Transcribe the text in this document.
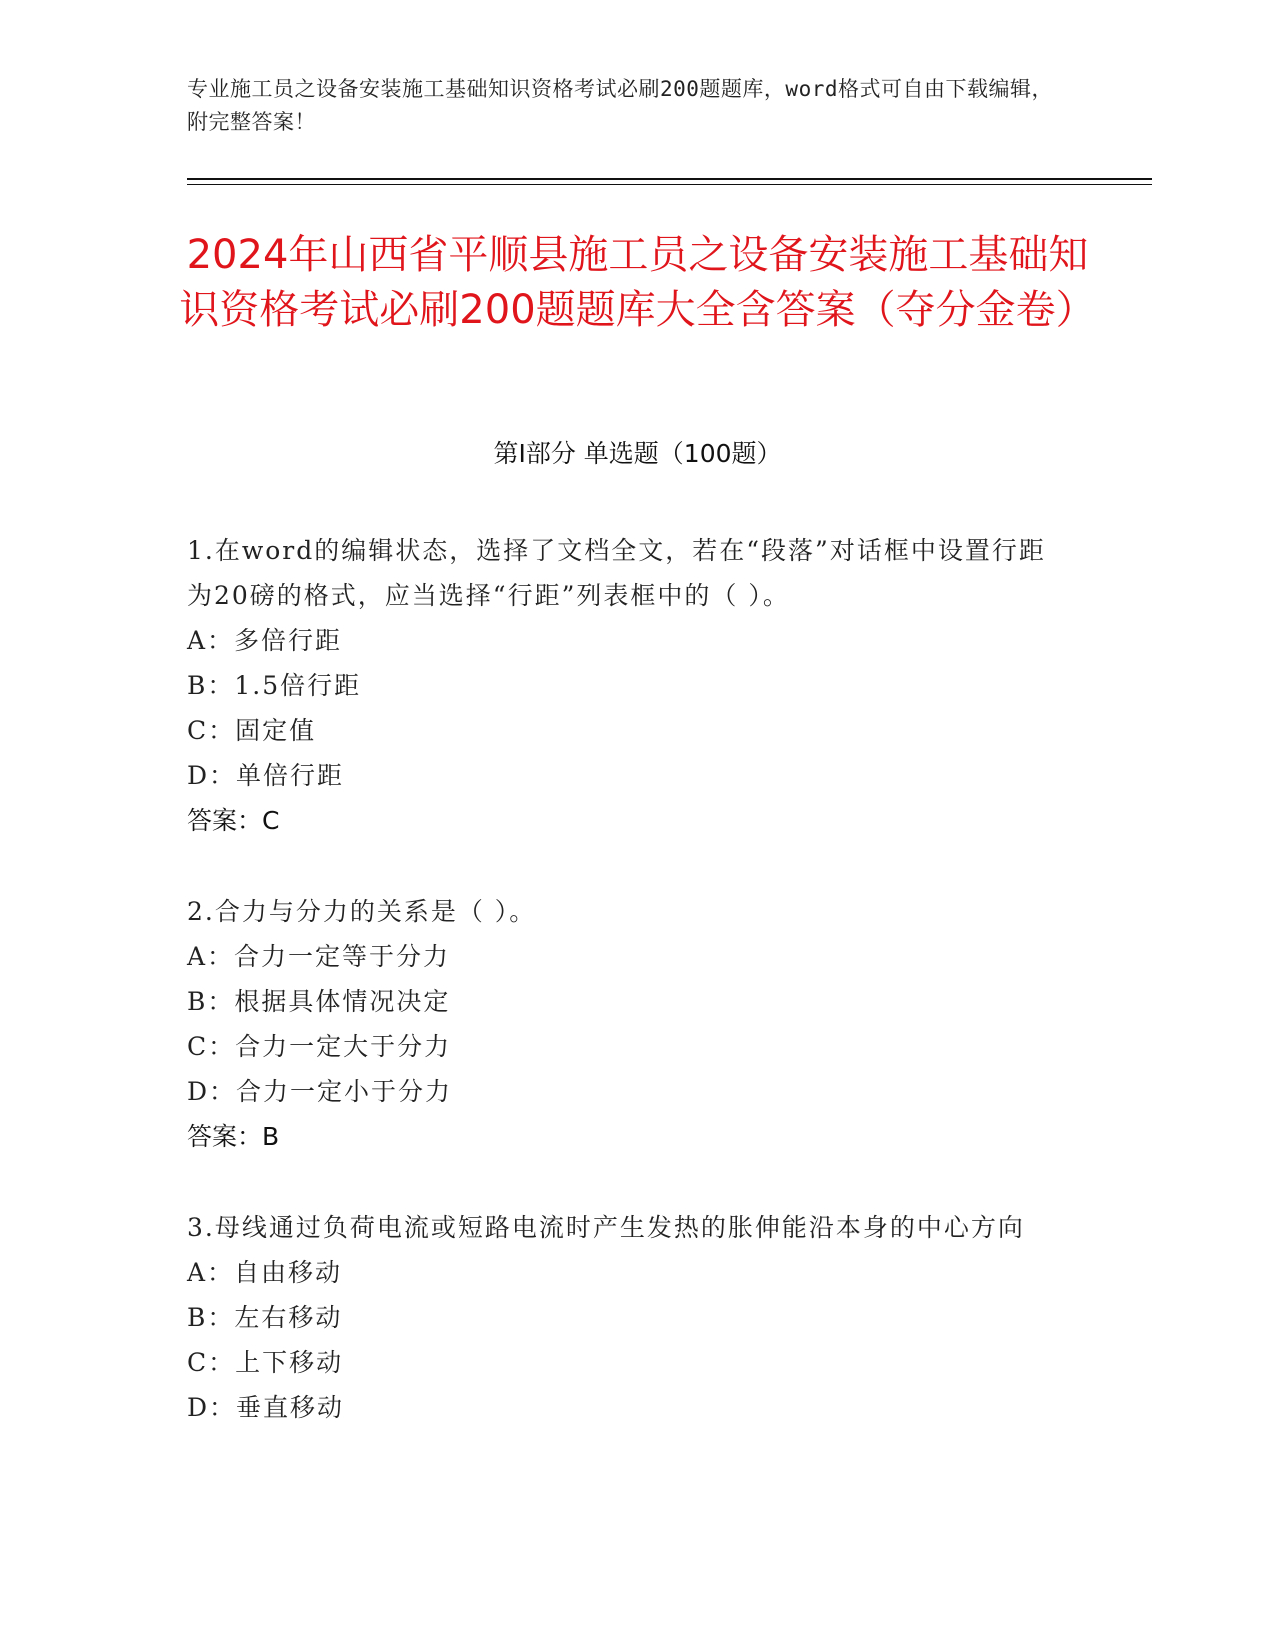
专业施工员之设备安装施工基础知识资格考试必刷200题题库，word格式可自由下载编辑，附完整答案！
2024年山西省平顺县施工员之设备安装施工基础知识资格考试必刷200题题库大全含答案（夺分金卷）
第I部分 单选题（100题）
1.在word的编辑状态，选择了文档全文，若在“段落”对话框中设置行距为20磅的格式，应当选择“行距”列表框中的（ ）。
A：多倍行距
B：1.5倍行距
C：固定值
D：单倍行距
答案：C
2.合力与分力的关系是（ ）。
A：合力一定等于分力
B：根据具体情况决定
C：合力一定大于分力
D：合力一定小于分力
答案：B
3.母线通过负荷电流或短路电流时产生发热的胀伸能沿本身的中心方向
A：自由移动
B：左右移动
C：上下移动
D：垂直移动
